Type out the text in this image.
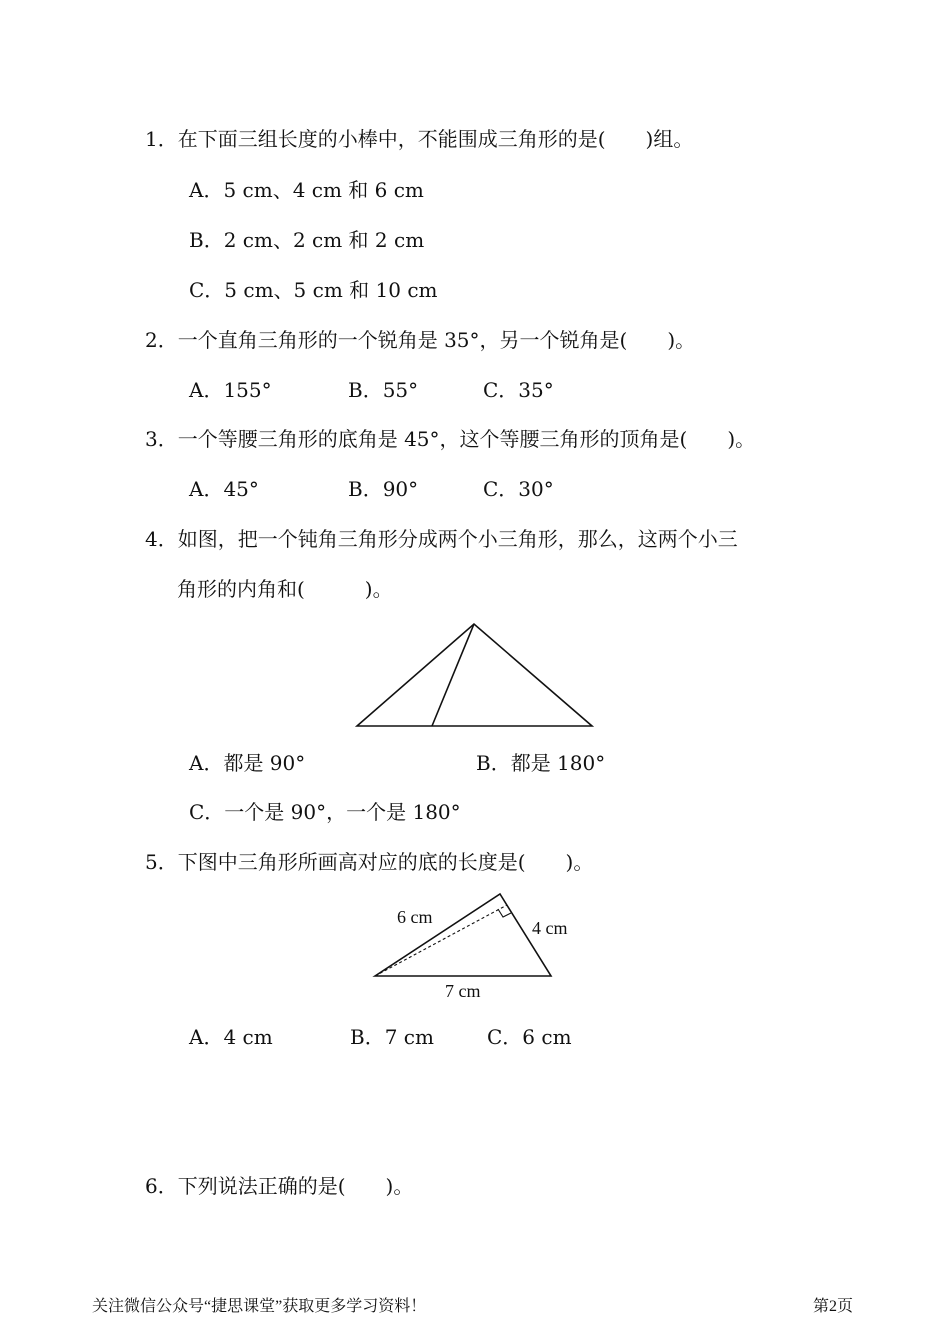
1．在下面三组长度的小棒中，不能围成三角形的是(　　)组。
A．5 cm、4 cm 和 6 cm
B．2 cm、2 cm 和 2 cm
C．5 cm、5 cm 和 10 cm
2．一个直角三角形的一个锐角是 35°，另一个锐角是(　　)。
A．155°	B．55°	C．35°
3．一个等腰三角形的底角是 45°，这个等腰三角形的顶角是(　　)。
A．45°	B．90°	C．30°
4．如图，把一个钝角三角形分成两个小三角形，那么，这两个小三
角形的内角和(　　　)。
A．都是 90°	B．都是 180°
C．一个是 90°，一个是 180°
5．下图中三角形所画高对应的底的长度是(　　)。
6 cm
4 cm
7 cm
A．4 cm	B．7 cm	C．6 cm
6．下列说法正确的是(　　)。
关注微信公众号“捷思课堂”获取更多学习资料！	第2页
